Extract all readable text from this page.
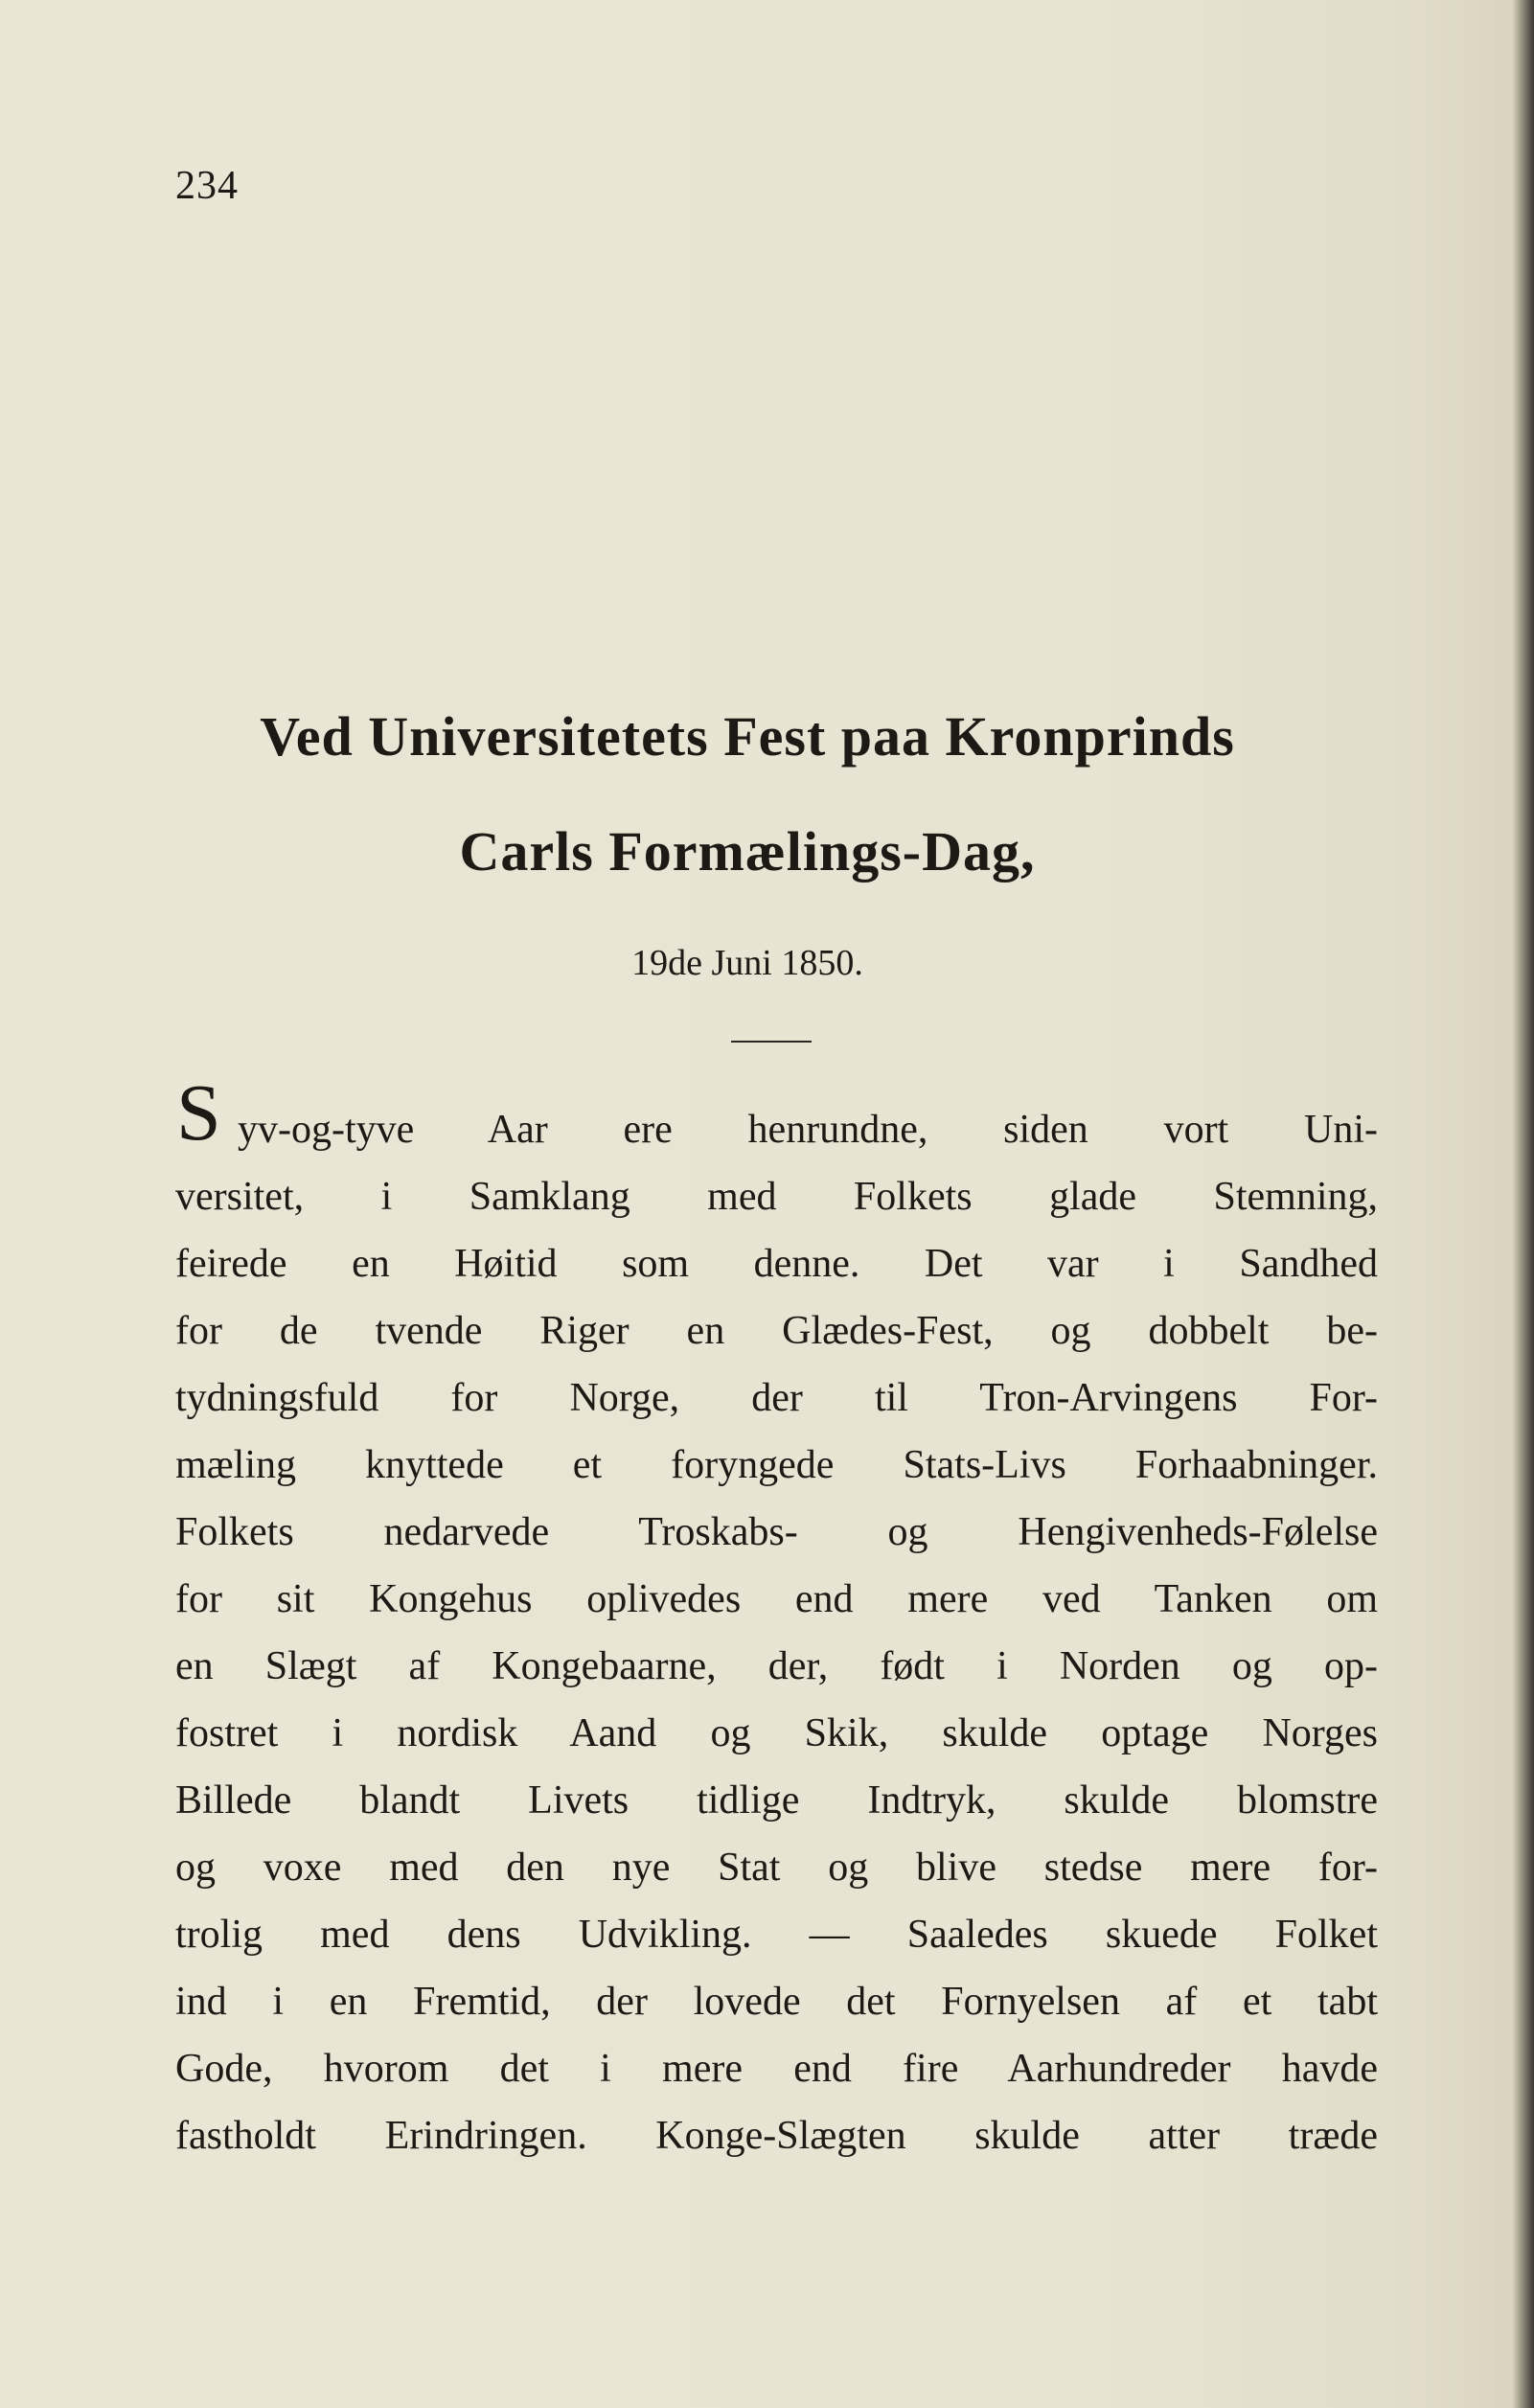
234
Ved Universitetets Fest paa Kronprinds
Carls Formælings-Dag,
19de Juni 1850.
S yv-og-tyve Aar ere henrundne, siden vort Uni-
versitet, i Samklang med Folkets glade Stemning,
feirede en Høitid som denne. Det var i Sandhed
for de tvende Riger en Glædes-Fest, og dobbelt be-
tydningsfuld for Norge, der til Tron-Arvingens For-
mæling knyttede et foryngede Stats-Livs Forhaabninger.
Folkets nedarvede Troskabs- og Hengivenheds-Følelse
for sit Kongehus oplivedes end mere ved Tanken om
en Slægt af Kongebaarne, der, født i Norden og op-
fostret i nordisk Aand og Skik, skulde optage Norges
Billede blandt Livets tidlige Indtryk, skulde blomstre
og voxe med den nye Stat og blive stedse mere for-
trolig med dens Udvikling. — Saaledes skuede Folket
ind i en Fremtid, der lovede det Fornyelsen af et tabt
Gode, hvorom det i mere end fire Aarhundreder havde
fastholdt Erindringen. Konge-Slægten skulde atter træde
